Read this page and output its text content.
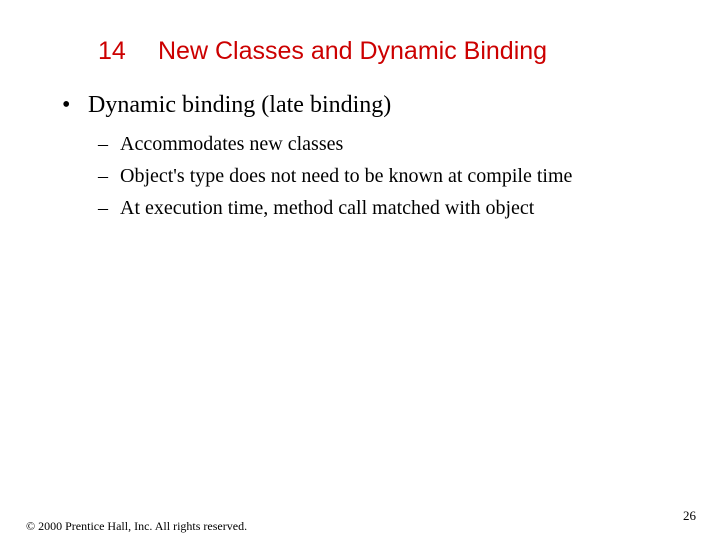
14 New Classes and Dynamic Binding
• Dynamic binding (late binding)
– Accommodates new classes
– Object's type does not need to be known at compile time
– At execution time, method call matched with object
© 2000 Prentice Hall, Inc. All rights reserved.
26
